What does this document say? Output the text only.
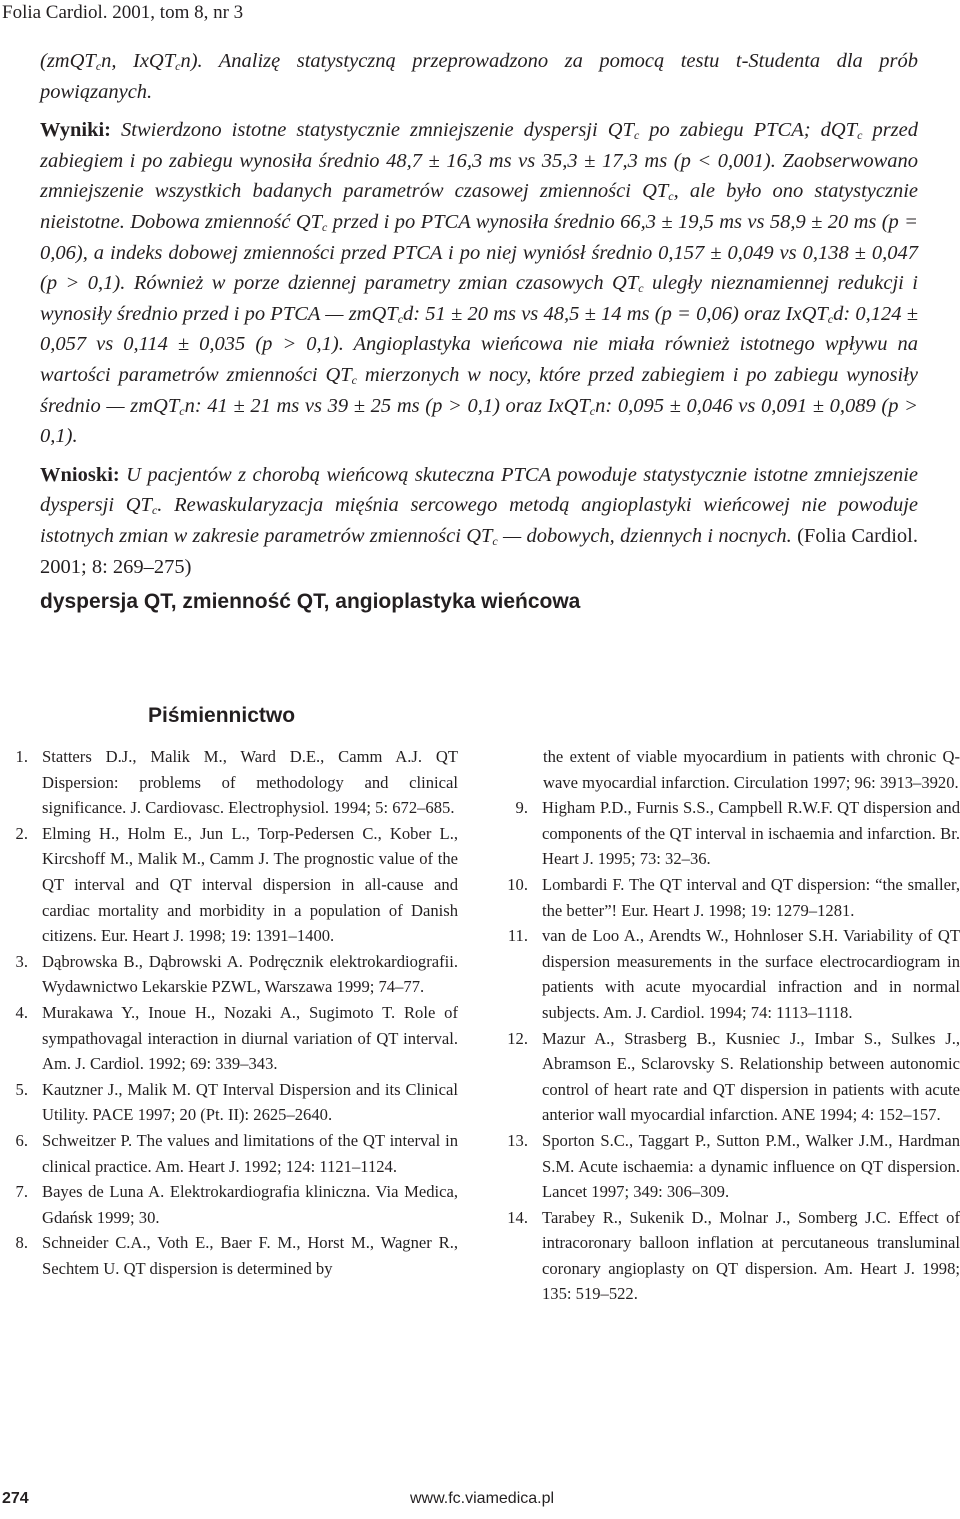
Folia Cardiol. 2001, tom 8, nr 3

(zmQT$_c$n, IxQT$_c$n). Analizę statystyczną przeprowadzono za pomocą testu t-Studenta dla prób powiązanych.

Wyniki: Stwierdzono istotne statystycznie zmniejszenie dyspersji $QT_c$ po zabiegu PTCA; dQT$_c$ przed zabiegiem i po zabiegu wynosiła średnio 48,7 ± 16,3 ms vs 35,3 ± 17,3 ms (p < 0,001). Zaobserwowano zmniejszenie wszystkich badanych parametrów czasowej zmienności $QT_c$, ale było ono statystycznie nieistotne. Dobowa zmienność $QT_c$ przed i po PTCA wynosiła średnio 66,3 ± 19,5 ms vs 58,9 ± 20 ms (p = 0,06), a indeks dobowej zmienności przed PTCA i po niej wyniósł średnio 0,157 ± 0,049 vs 0,138 ± 0,047 (p > 0,1). Również w porze dziennej parametry zmian czasowych $QT_c$ uległy nieznamiennej redukcji i wynosiły średnio przed i po PTCA — zmQT$_c$d: 51 ± 20 ms vs 48,5 ± 14 ms (p = 0,06) oraz IxQT$_c$d: 0,124 ± 0,057 vs 0,114 ± 0,035 (p > 0,1). Angioplastyka wieńcowa nie miała również istotnego wpływu na wartości parametrów zmienności $QT_c$ mierzonych w nocy, które przed zabiegiem i po zabiegu wynosiły średnio — zmQT$_c$n: 41 ± 21 ms vs 39 ± 25 ms (p > 0,1) oraz IxQT$_c$n: 0,095 ± 0,046 vs 0,091 ± 0,089 (p > 0,1).

Wnioski: U pacjentów z chorobą wieńcową skuteczna PTCA powoduje statystycznie istotne zmniejszenie dyspersji $QT_c$. Rewaskularyzacja mięśnia sercowego metodą angioplastyki wieńcowej nie powoduje istotnych zmian w zakresie parametrów zmienności $QT_c$ — dobowych, dziennych i nocnych. (Folia Cardiol. 2001; 8: 269–275)

dyspersja QT, zmienność QT, angioplastyka wieńcowa
Piśmiennictwo

1. Statters D.J., Malik M., Ward D.E., Camm A.J. QT Dispersion: problems of methodology and clinical significance. J. Cardiovasc. Electrophysiol. 1994; 5: 672–685.

2. Elming H., Holm E., Jun L., Torp-Pedersen C., Kober L., Kircshoff M., Malik M., Camm J. The prognostic value of the QT interval and QT interval dispersion in all-cause and cardiac mortality and morbidity in a population of Danish citizens. Eur. Heart J. 1998; 19: 1391–1400.

3. Dąbrowska B., Dąbrowski A. Podręcznik elektrokardiografii. Wydawnictwo Lekarskie PZWL, Warszawa 1999; 74–77.

4. Murakawa Y., Inoue H., Nozaki A., Sugimoto T. Role of sympathovagal interaction in diurnal variation of QT interval. Am. J. Cardiol. 1992; 69: 339–343.

5. Kautzner J., Malik M. QT Interval Dispersion and its Clinical Utility. PACE 1997; 20 (Pt. II): 2625–2640.

6. Schweitzer P. The values and limitations of the QT interval in clinical practice. Am. Heart J. 1992; 124: 1121–1124.

7. Bayes de Luna A. Elektrokardiografia kliniczna. Via Medica, Gdańsk 1999; 30.

8. Schneider C.A., Voth E., Baer F. M., Horst M., Wagner R., Sechtem U. QT dispersion is determined by

the extent of viable myocardium in patients with chronic Q-wave myocardial infarction. Circulation 1997; 96: 3913–3920.

9. Higham P.D., Furnis S.S., Campbell R.W.F. QT dispersion and components of the QT interval in ischaemia and infarction. Br. Heart J. 1995; 73: 32–36.

10. Lombardi F. The QT interval and QT dispersion: “the smaller, the better”! Eur. Heart J. 1998; 19: 1279–1281.

11. van de Loo A., Arendts W., Hohnloser S.H. Variability of QT dispersion measurements in the surface electrocardiogram in patients with acute myocardial infraction and in normal subjects. Am. J. Cardiol. 1994; 74: 1113–1118.

12. Mazur A., Strasberg B., Kusniec J., Imbar S., Sulkes J., Abramson E., Sclarovsky S. Relationship between autonomic control of heart rate and QT dispersion in patients with acute anterior wall myocardial infarction. ANE 1994; 4: 152–157.

13. Sporton S.C., Taggart P., Sutton P.M., Walker J.M., Hardman S.M. Acute ischaemia: a dynamic influence on QT dispersion. Lancet 1997; 349: 306–309.

14. Tarabey R., Sukenik D., Molnar J., Somberg J.C. Effect of intracoronary balloon inflation at percutaneous transluminal coronary angioplasty on QT dispersion. Am. Heart J. 1998; 135: 519–522.

274	www.fc.viamedica.pl
